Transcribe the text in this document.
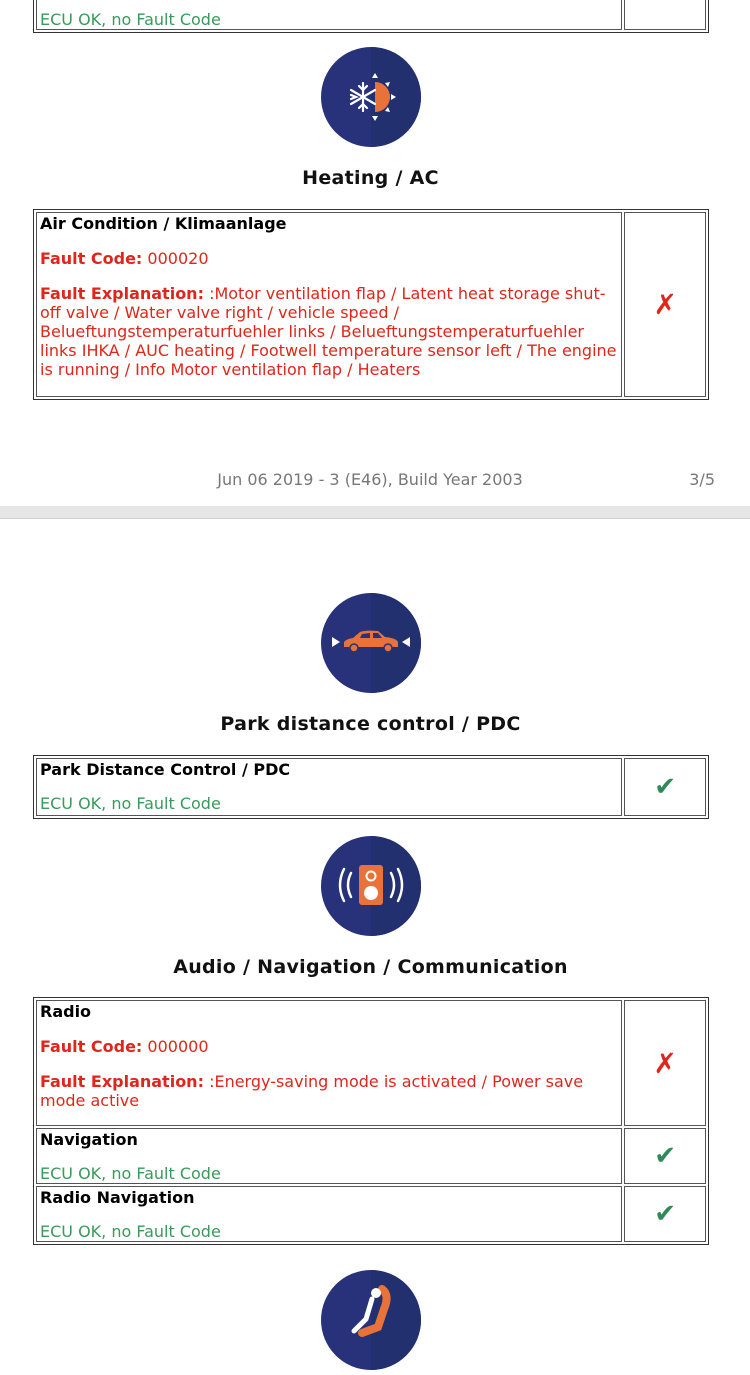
ECU OK, no Fault Code

Heating / AC
Air Condition / Klimaanlage
Fault Code: 000020
Fault Explanation: :Motor ventilation flap / Latent heat storage shut-off valve / Water valve right / vehicle speed / Belueftungstemperaturfuehler links / Belueftungstemperaturfuehler links IHKA / AUC heating / Footwell temperature sensor left / The engine is running / Info Motor ventilation flap / Heaters
	✗
Jun 06 2019 - 3 (E46), Build Year 2003	3/5
Park distance control / PDC
Park Distance Control / PDC
ECU OK, no Fault Code
	✔
Audio / Navigation / Communication
Radio
Fault Code: 000000
Fault Explanation: :Energy-saving mode is activated / Power save mode active	✗

Navigation
ECU OK, no Fault Code	✔

Radio Navigation
ECU OK, no Fault Code	✔
